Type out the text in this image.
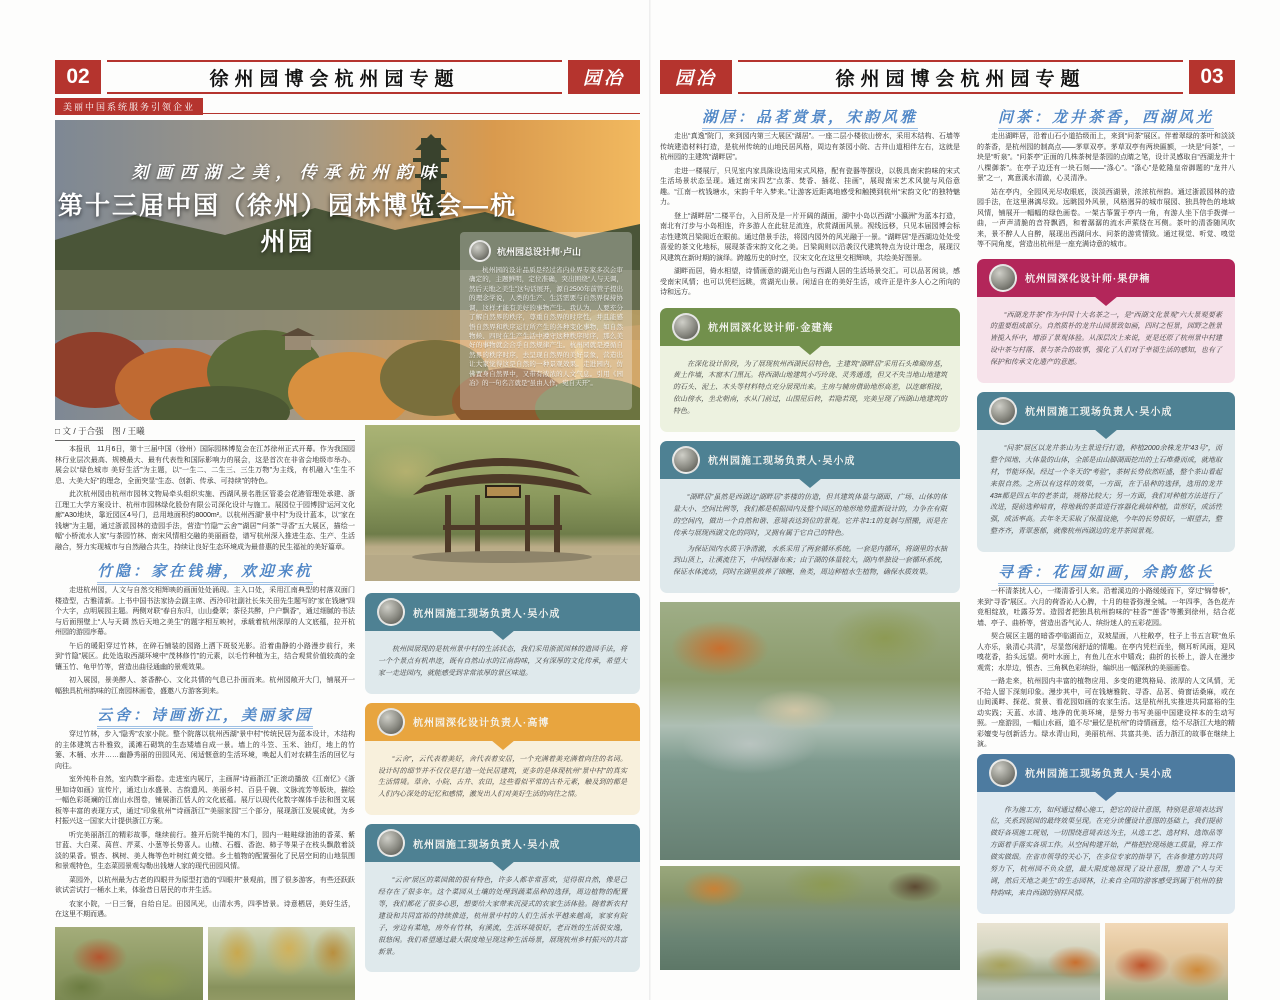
02	徐州园博会杭州园专题	园冶
美丽中国系统服务引领企业
刻画西湖之美，传承杭州韵味
第十三届中国（徐州）园林博览会—杭州园	杭州园总设计师·卢山

杭州园的设计品质是经过省内业界专家多次会审确定的，主题鲜明，定位准确，突出围绕“人与天调，然后天地之美生”这句话展开，源自2500年前管子提出的理念学说，人类的生产、生活需要与自然界保持协调，这样才能有美好的事物产生。我认为，人要充分了解自然界的秩序，尊重自然界的时序性，并且能感悟自然界和秩序运行所产生的各种变化事物，如自然物候、四时在生产生活中遵守这种秩序时序，那么美好的事物就会合乎自然规律产生。杭州园就是遵循自然界的秩序时序，去呈现自然界的美好景象，营造出让大家觉得这是自然的一种景观效果。走进园内，仿佛置身自然界中，又带有浓浓的人文气息。引用《园冶》的一句名言就是“虽由人作，宛自天开”。

□ 文 / 于合强　图 / 王曦

本报讯　11月6日，第十三届中国（徐州）国际园林博览会在江苏徐州正式开幕。作为我国园林行业层次最高、规模最大、最有代表性和国际影响力的展会，这是首次在非省会地级市举办。展会以“绿色城市 美好生活”为主题，以“一生二、二生三、三生万物”为主线，有机融入“生生不息、大美大好”的理念，全面突显“生态、创新、传承、可持续”的特色。

此次杭州园由杭州市园林文物局牵头组织实施、西湖风景名胜区管委会花港管理处承建、浙江理工大学方案设计、杭州市园林绿化股份有限公司深化设计与施工。展园位于园博园“运河文化廊”A30地块，靠近园区4号门，总用地面积约8000m²。以杭州西湖“景中村”为设计蓝本，以“家在钱塘”为主题，通过浙派园林的造园手法，营造“竹隐”“云舍”“湖居”“问茶”“寻香”五大展区，描绘一幅“小桥流水人家”与茶园竹林、南宋风情相交融的美丽画卷，谱写杭州深入推进生态、生产、生活融合，努力实现城市与自然融合共生，持续让良好生态环境成为最普惠的民生福祉的美好篇章。

竹隐：家在钱塘，欢迎来杭

走进杭州园，人文与自然交相辉映的画面处处涌现。主入口处，采用江南典型的村落双面门楼造型，古雅清新。上书中国书法家协会副主席、西泠印社副社长朱关田先生题写的“家在钱塘”四个大字，点明展园主题。两侧对联“春自东归，山山叠翠；茶径共醉，户户飘香”，通过细腻的书法与后面照壁上“人与天调 然后天地之美生”的题字相互映衬，承载着杭州深厚的人文底蕴，拉开杭州园的游园序幕。

午后的暖阳穿过竹林，在碎石铺装的园路上洒下斑驳光影。沿着曲静的小路漫步前行，来到“竹隐”展区。此处选取西湖环境中“茂林修竹”的元素，以毛竹种植为主，结合观赏价值较高的金镶玉竹、龟甲竹等，营造出曲径通幽的景观效果。

初入展园，景美醉人、茶香醉心、文化共情的气息已扑面而来。杭州园敞开大门，铺展开一幅独具杭州韵味的江南园林画卷，盛邀八方游客到来。

云舍：诗画浙江，美丽家园

穿过竹林，步入“隐秀”农家小院。整个院落以杭州西湖“景中村”传统民居为蓝本设计，木结构的主体建筑古朴雅致，溪滩石砌筑的生态矮墙自成一景。墙上的斗笠、玉米、油灯，地上的竹篓、木桶、水井……幽静秀丽的田园风光、闲适惬意的生活环境，唤起人们对农耕生活的回忆与向往。

室外纯朴自然，室内数字画卷。走进室内展厅，主画屏“诗画浙江”正滚动播放《江南忆》《浙里如诗如画》宣传片，通过山水盛景、古韵遗风、美丽乡村、百县千碗、文脉流芳等版块，描绘一幅色彩斑斓的江南山水图卷，铺展浙江恬人的文化底蕴。展厅以现代化数字媒体手法和图文展板等丰富的表现方式，通过“印象杭州”“诗画浙江”“美丽家园”三个部分，展现浙江发展成就，为乡村振兴这一国家大计提供浙江方案。

听完美丽浙江的精彩故事，继续前行。推开后院半掩的木门，园内一畦畦绿油油的香菜、紫甘蓝、大白菜、莴苣、芹菜、小葱等长势喜人。山楂、石榴、香泡、柿子等果子在枝头飘散着淡淡的果香。银杏、枫树、美人梅等色叶树红黄交错。乡土植物的配置强化了民居空间的山地氛围和景观特色，生态菜园景观勾勒出钱塘人家的现代田园风情。

菜园外，以杭州最为古老的四眼井为原型打造的“四眼井”景观前，围了很多游客，有些还跃跃欲试尝试打一桶水上来，体验昔日居民的市井生活。

农家小院，一日三餐，自给自足。田园风光，山清水秀，四季皆景。诗意栖居，美好生活，在这里不期而遇。

杭州园施工现场负责人·吴小成

杭州园展现的是杭州景中村的生活状态，我们采用浙派园林的造园手法，将一个个景点有机串连，既有自然山水的江南韵味，又有深厚的文化传承，希望大家一走进园内，就能感受到非常浓厚的景区味道。

杭州园深化设计负责人·高博

“云舍”，云代表着美好，舍代表着安居，一个充满着美充满着向往的名词。设计时的细节并不仅仅是打造一处民居建筑，更多的是体现杭州“景中村”的真实生活情境。草舍、小院、古井、农田，这些看似平常的古朴元素，触及到的都是人们内心深处的记忆和感情，激发出人们对美好生活的向往之情。

杭州园施工现场负责人·吴小成

“云舍”展区的菜园做的很有特色，许多人都非常喜欢，觉得很自然，像是已经存在了很多年。这个菜园从土壤的处理到蔬菜品种的选择，周边植物的配置等，我们都花了很多心思，想要给大家带来沉浸式的农家生活体验。随着新农村建设和共同富裕的持续推进，杭州景中村的人们生活水平越来越高，家家有院子，旁边有菜地，房外有竹林，有溪流，生活环境很好，老百姓的生活很安逸，很悠闲。我们希望通过最大限度地呈现这种生活场景，展现杭州乡村振兴的共富新景。

园冶	徐州园博会杭州园专题	03
湖居：品茗赏景，宋韵风雅

走出“真逸”院门，来到园内第三大展区“湖居”。一座二层小楼依山傍水，采用木结构、石墙等传统建造材料打造，是杭州传统的山地民居风格，周边有茶园小院、古井山道相伴左右，这就是杭州园的主建筑“湖畔居”。

走进一楼展厅，只见室内家具陈设选用宋式风格，配有瓷器等摆设，以极具南宋韵味的宋式生活场景状态呈现。通过南宋四艺“点茶、焚香、插花、挂画”，展现南宋艺术风貌与风俗意趣。“江南一枕钱塘水，宋韵千年入梦来。”让游客近距离地感受和触摸到杭州“宋韵文化”的独特魅力。

登上“湖畔居”二楼平台，入目所及是一片开阔的湖面，湖中小岛以西湖“小瀛洲”为蓝本打造，南北有汀步与小岛相连，许多游人在此驻足流连，欣赏湖面风景。视线远移，只见本届园博会标志性建筑吕梁阁近在眼前。通过借景手法，将园内园外的风光融于一景。“湖畔居”是西湖边处处受喜爱的茶文化地标，展现茶香宋韵文化之美。吕梁阁则以沿袭汉代建筑特点为设计理念，展现汉风建筑在新时期的演绎。跨越历史的时空，汉宋文化在这里交相辉映，共绘美好图景。

湖畔而居，倚水相望，诗情画意的湖光山色与西湖人居的生活场景交汇。可以品茗闲谈，感受南宋风情；也可以凭栏远眺，赏湖光山景。闲适自在的美好生活，或许正是许多人心之所向的诗和远方。

杭州园深化设计师·金建海

在深化设计阶段，为了展现杭州西湖民居特色，主建筑“湖畔居”采用石头堆砌房基，黄土作墙，木窗木门黑瓦。将西湖山地建筑小巧玲珑、灵秀通透，但又不失当地山地建筑的石头、泥土、木头等材料特点充分展现出来。主房与辅房借助地形高差，以连廊相接，依山傍水，坐北朝南，水从门前过，山围屋后转，若隐若现，完美呈现了西湖山地建筑的特色。

杭州园施工现场负责人·吴小成

“湖畔居”虽然是西湖边“湖畔居”茶楼的仿造，但其建筑体量与湖面、广场、山体的体量大小、空间比例等，我们都是根据园内及整个园区的地形地势重新设计的，力争在有限的空间内，做出一个自然和谐、意境表达到位的景观。它并非1:1的复制与照搬，而是在传承与展现西湖文化的同时，又拥有属于它自己的特色。

为保证园内水质干净清澈，水系采用了两套循环系统。一套是内循环，将湖里的水抽到山顶上，让溪流往下，中间经瀑布来；由于湖的体量较大，湖内单独设一套循环系统，保证水体流动，同时在湖里放养了锦鲤、鱼类，周边种植水生植物，确保水质效果。

问茶：龙井茶香，西湖风光

走出湖畔居，沿着山石小道拾级而上，来到“问茶”展区。伴着翠绿的茶叶和淡淡的茶香，是杭州园的制高点——茅草双亭。茅草双亭有两块匾额，一块是“问茶”，一块是“听泉”。“问茶亭”正面的几株茶树是茶园的点睛之笔，设计灵感取自“西湖龙井十八棵御茶”。在亭子边还有一块石刻——“涤心”。“涤心”是乾隆皇帝御题的“龙井八景”之一，寓意溪水清澈，心灵清净。

站在亭内，全园风光尽收眼底，淡淡西湖景，浓浓杭州韵。通过浙派园林的造园手法，在这里淋漓尽致。远眺园外风景，风格迥异的城市展园、独具特色的地域风情，铺展开一幅幅的绿色画卷。一架古筝置于亭内一角，有游人坐下信手拨弹一曲，一声声清脆的音符飘洒，和着潺潺的流水声萦绕在耳侧。茶叶的清香随风吹来，景不醉人人自醉，展现出西湖问水、问茶的游赏情致。通过视觉、听觉、嗅觉等不同角度，营造出杭州是一座充满诗意的城市。

杭州园深化设计师·果伊楠

“西湖龙井茶”作为中国十大名茶之一，是“西湖文化景观”六大景观要素的重要组成部分。自然质朴的龙井山园景致如画，四时之恒景，园野之胜景皆揽入怀中，增添了景观体验。从深层次上来说，更是还原了杭州景中村建设中茶与村落、景与茶合的故事，强化了人们对于幸福生活的感知，也有了保护和传承文化遗产的意愿。

杭州园施工现场负责人·吴小成

“问茶”展区以龙井茶山为主景进行打造，种植2000余株龙井“43号”，而整个园地、大体量的山体，全部是由山脚湖面挖出的土石堆叠而成，就地取材，节能环保。经过一个冬天的“考验”，茶树长势依然旺盛，整个茶山看起来很自然。之所以有这样的效果，一方面，在于品种的选择，选用的龙井43#都是四五年的老茶苗，规格比较大；另一方面，我们对种植方法进行了改进，提前选种培育，将地栽的茶苗进行容器化栽培种植，苗形好，成活性强，成活率高。去年冬天采取了保温设施，今年的长势很好，一眼望去，整整齐齐，青翠葱郁，就像杭州西湖边的龙井茶园景观。

寻香：花园如画，余韵悠长

一杯清茶扰人心，一缕清香引人来。沿着溪边的小路缓缓而下，穿过“锦带桥”，来到“寻香”展区。六月的荷香沁人心脾，十月的桂香弥漫全城。一年四季，各色花卉竞相绽放，吐露芬芳。造园者把独具杭州韵味的“桂香”“莲香”等搬到徐州，结合花墙、亭子、曲桥等，营造出香气沁人、缤纷迷人的五彩花园。

契合展区主题的暗香亭临湖而立，双坡屋面，八柱敞亭，柱子上书五言联“鱼乐人亦乐，泉清心共清”，尽显悠闲舒适的情趣。在亭内凭栏而坐，侧耳听风雨，迎风嗅花香，抬头远望。荷叶水面上，有鱼儿在水中嬉戏；曲折的长桥上，游人在漫步观赏；水岸边，银杏、三角枫色彩缤纷，编织出一幅深秋的美丽画卷。

一路走来，杭州园内丰富的植物应用、多变的建筑格局、浓厚的人文风情，无不给人留下深刻印象。漫步其中，可在钱塘雅院、寻香、品茗、倚窗话桑麻，或在山间溪畔、探花、赏景、看花园如画的农家生活。这是杭州扎实推进共同富裕的生动实践；天蓝、水清、地净的优美环境，是努力书写美丽中国建设样本的生动写照。一座游园，一幅山水画，道不尽“最忆是杭州”的诗情画意，绘不尽浙江大地的精彩嬗变与创新活力。绿水青山间，美丽杭州、共富共美、活力浙江的故事在继续上演。

杭州园施工现场负责人·吴小成

作为施工方，如何通过精心施工，把它的设计意图，特别是意境表达到位，关系到展园的最终效果呈现。在充分读懂设计意图的基础上，我们提前做好各项施工规划，一切围绕意境表达为主，从选工艺、选材料、选饰品等方面着手落实各项工作。从空间构建开始，严格把控现场施工质量，将工作做实做细。在省市领导的关心下，在多位专家的指导下，在各参建方的共同努力下，杭州园不负众望，最大限度地展现了设计意图，塑造了“人与天调，然后天地之美生”的生态园林，让来自全国的游客感受到属于杭州的独特韵味，来自西湖的别样风情。
